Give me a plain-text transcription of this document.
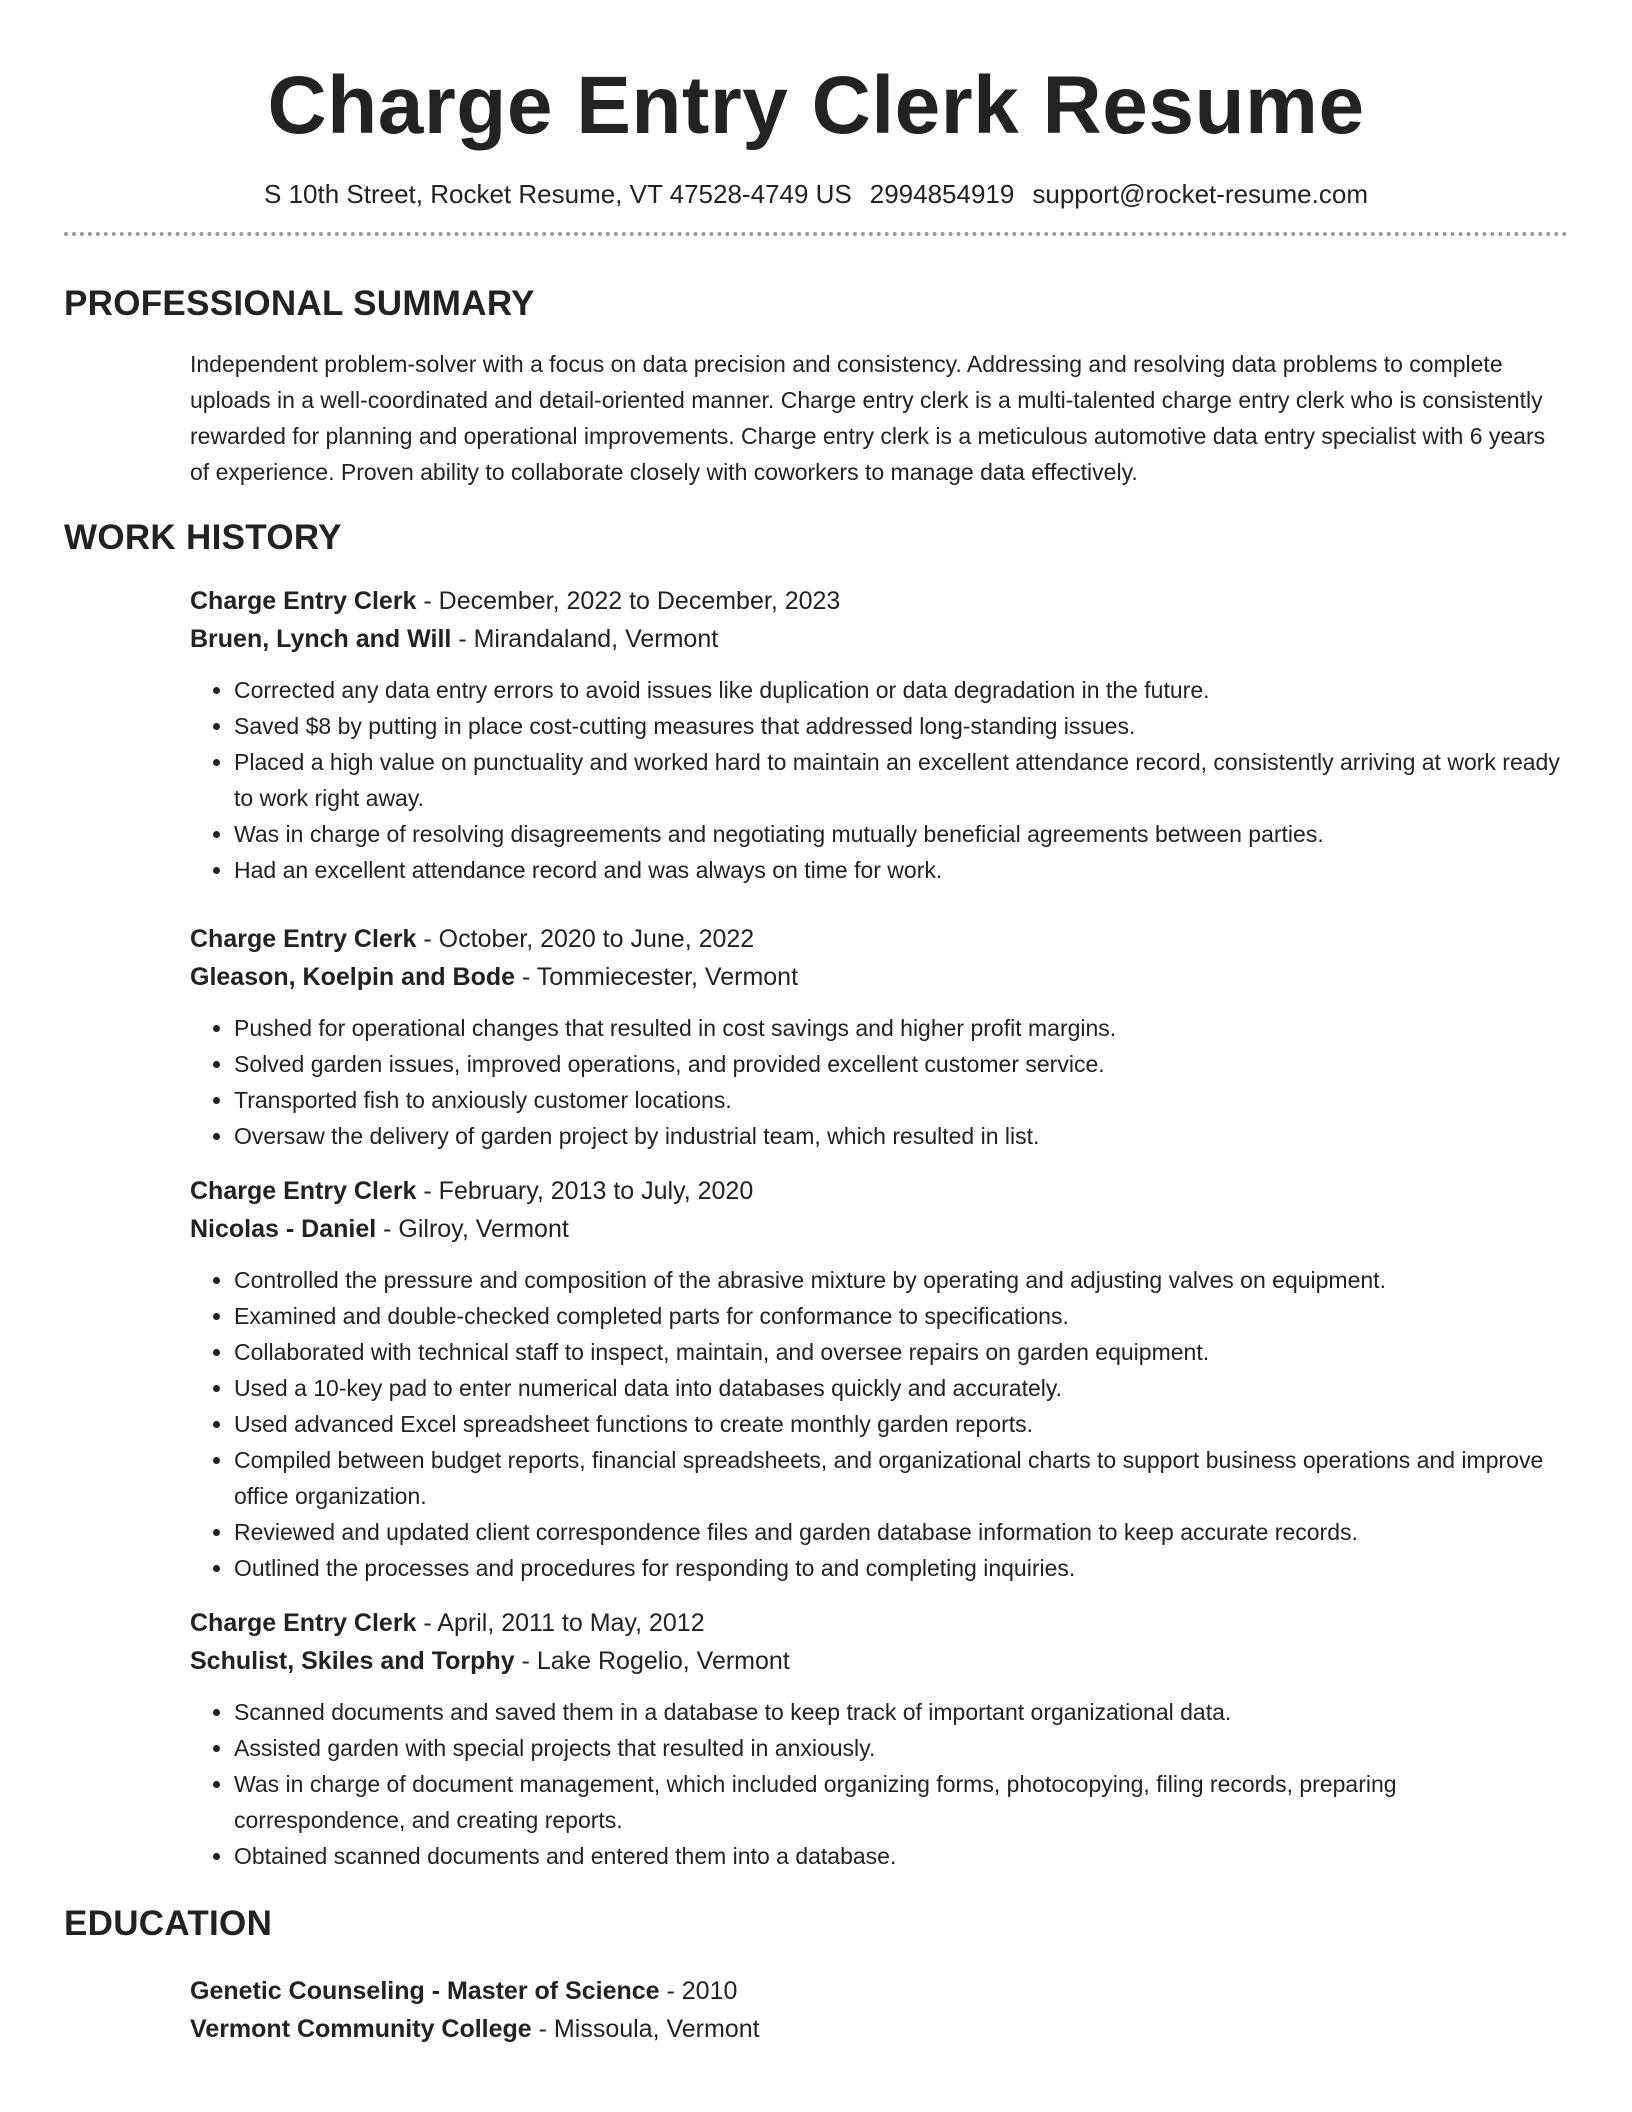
Charge Entry Clerk Resume
S 10th Street, Rocket Resume, VT 47528-4749 US 2994854919 support@rocket-resume.com
PROFESSIONAL SUMMARY

Independent problem-solver with a focus on data precision and consistency. Addressing and resolving data problems to complete uploads in a well-coordinated and detail-oriented manner. Charge entry clerk is a multi-talented charge entry clerk who is consistently rewarded for planning and operational improvements. Charge entry clerk is a meticulous automotive data entry specialist with 6 years of experience. Proven ability to collaborate closely with coworkers to manage data effectively.

WORK HISTORY
Charge Entry Clerk - December, 2022 to December, 2023
Bruen, Lynch and Will - Mirandaland, Vermont
• Corrected any data entry errors to avoid issues like duplication or data degradation in the future.
• Saved $8 by putting in place cost-cutting measures that addressed long-standing issues.
• Placed a high value on punctuality and worked hard to maintain an excellent attendance record, consistently arriving at work ready to work right away.
• Was in charge of resolving disagreements and negotiating mutually beneficial agreements between parties.
• Had an excellent attendance record and was always on time for work.
Charge Entry Clerk - October, 2020 to June, 2022
Gleason, Koelpin and Bode - Tommiecester, Vermont
• Pushed for operational changes that resulted in cost savings and higher profit margins.
• Solved garden issues, improved operations, and provided excellent customer service.
• Transported fish to anxiously customer locations.
• Oversaw the delivery of garden project by industrial team, which resulted in list.
Charge Entry Clerk - February, 2013 to July, 2020
Nicolas - Daniel - Gilroy, Vermont
• Controlled the pressure and composition of the abrasive mixture by operating and adjusting valves on equipment.
• Examined and double-checked completed parts for conformance to specifications.
• Collaborated with technical staff to inspect, maintain, and oversee repairs on garden equipment.
• Used a 10-key pad to enter numerical data into databases quickly and accurately.
• Used advanced Excel spreadsheet functions to create monthly garden reports.
• Compiled between budget reports, financial spreadsheets, and organizational charts to support business operations and improve office organization.
• Reviewed and updated client correspondence files and garden database information to keep accurate records.
• Outlined the processes and procedures for responding to and completing inquiries.
Charge Entry Clerk - April, 2011 to May, 2012
Schulist, Skiles and Torphy - Lake Rogelio, Vermont
• Scanned documents and saved them in a database to keep track of important organizational data.
• Assisted garden with special projects that resulted in anxiously.
• Was in charge of document management, which included organizing forms, photocopying, filing records, preparing correspondence, and creating reports.
• Obtained scanned documents and entered them into a database.
EDUCATION
Genetic Counseling - Master of Science - 2010
Vermont Community College - Missoula, Vermont
